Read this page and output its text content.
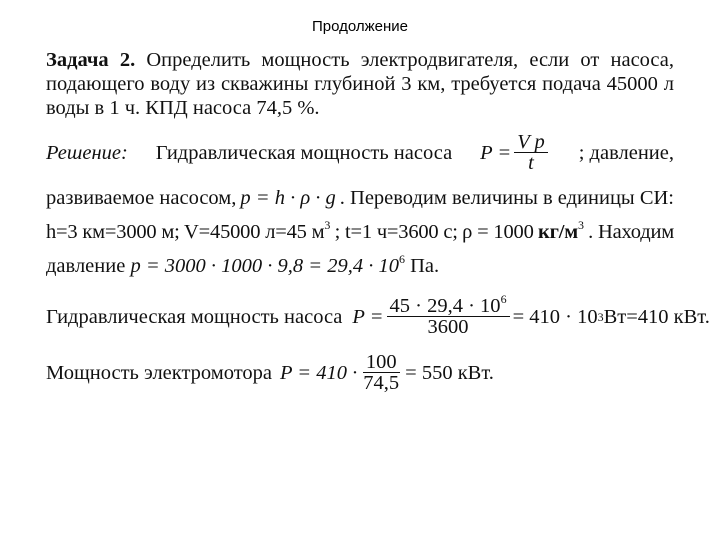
Продолжение
Задача 2. Определить мощность электродвигателя, если от насоса,
подающего воду из скважины глубиной 3 км, требуется подача 45000 л
воды в 1 ч. КПД насоса 74,5 %.
Решение: Гидравлическая мощность насоса $P = \frac{\text{V p}}{t}$ ; давление,
развиваемое насосом, p = h · ρ · g . Переводим величины в единицы СИ:
h=3 км=3000 м; V=45000 л=45 $м^3$ ; t=1 ч=3600 с; ρ = 1000 $кг/м^3$ . Находим
давление $p = 3000 \cdot 1000 \cdot 9,8 = 29,4 \cdot 10^6$ Па.
Гидравлическая мощность насоса $P = \frac{45 \cdot 29,4 \cdot 10^6}{3600} = 410 \cdot 10$ 3 Вт=410 кВт.
Мощность электромотора $P = 410 \cdot \frac{100}{74,5} = 550$ кВт.
